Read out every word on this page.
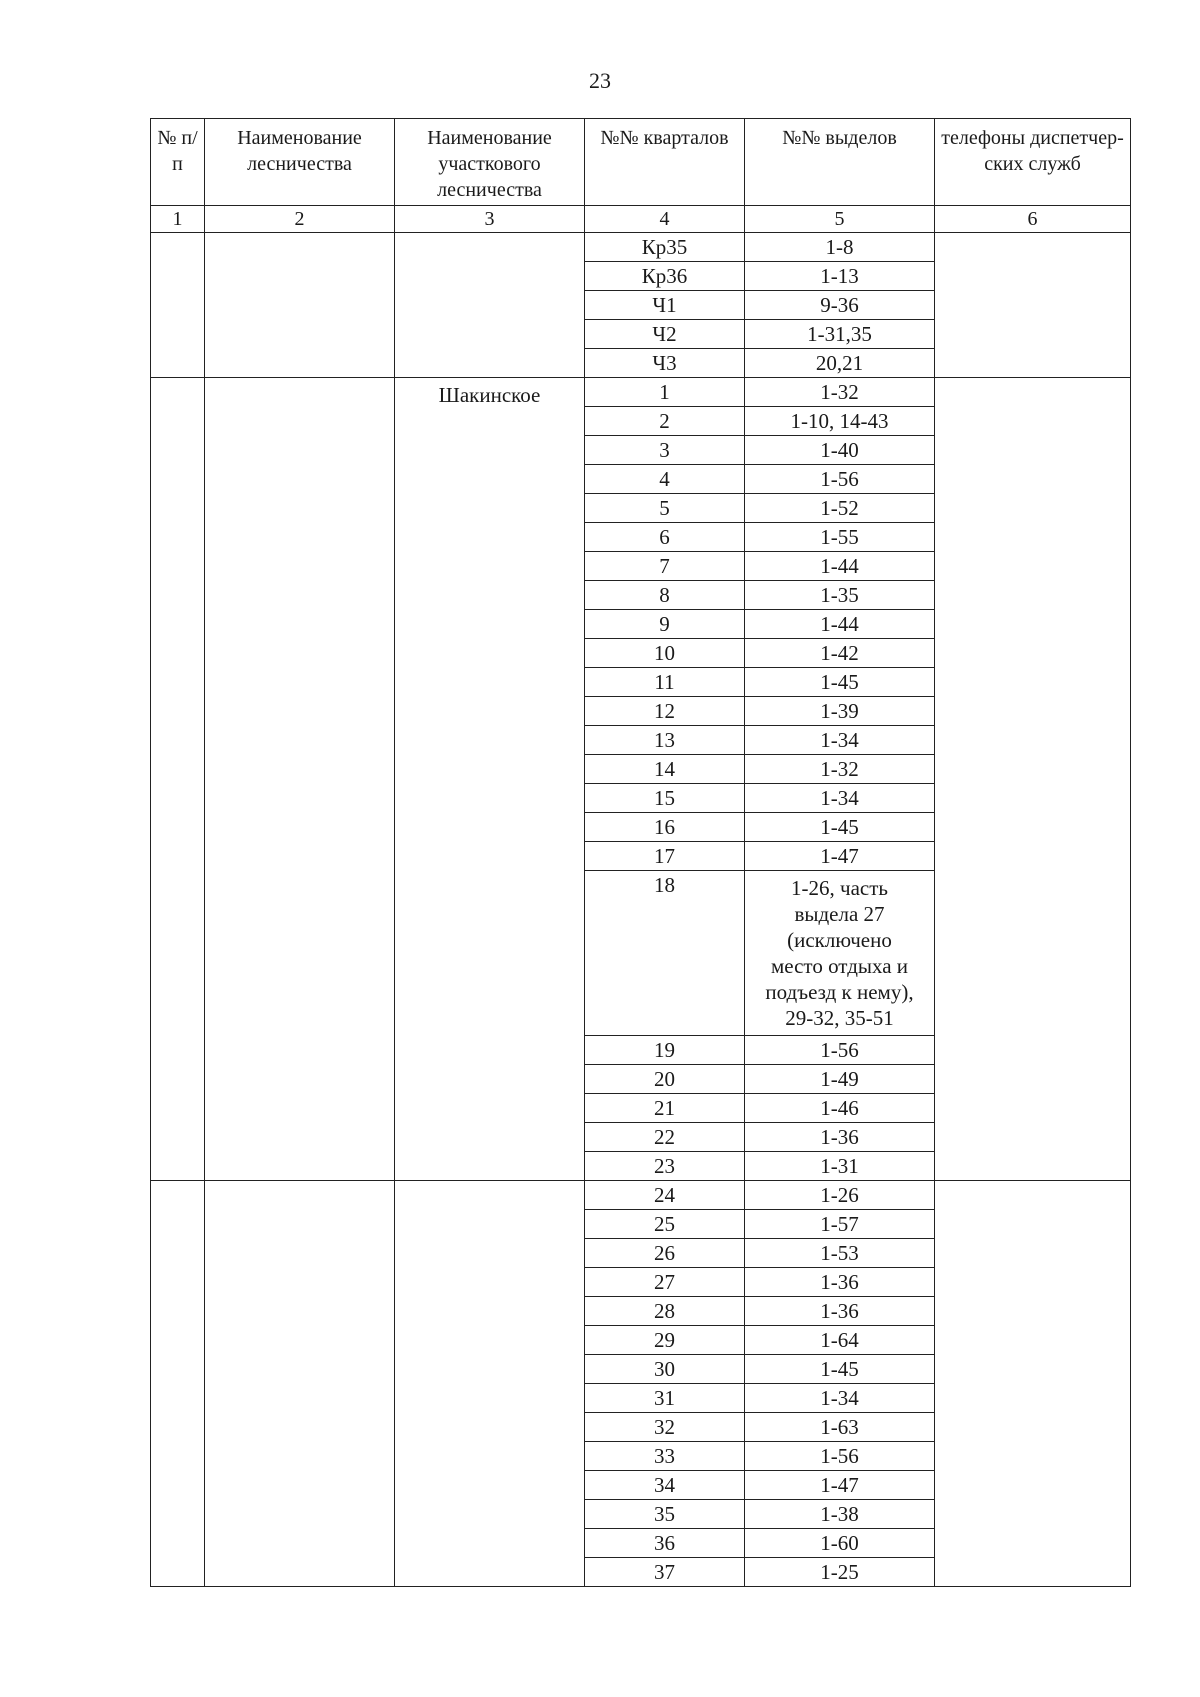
23
№ п/п	Наименование лесничества	Наименование участкового лесничества	№№ кварталов	№№ выделов	телефоны диспетчер-ских служб
1	2	3	4	5	6
			Кр35	1-8	
			Кр36	1-13	
			Ч1	9-36	
			Ч2	1-31,35	
			Ч3	20,21	
		Шакинское	1	1-32	
			2	1-10, 14-43	
			3	1-40	
			4	1-56	
			5	1-52	
			6	1-55	
			7	1-44	
			8	1-35	
			9	1-44	
			10	1-42	
			11	1-45	
			12	1-39	
			13	1-34	
			14	1-32	
			15	1-34	
			16	1-45	
			17	1-47	
			18	1-26, часть выдела 27 (исключено место отдыха и подъезд к нему), 29-32, 35-51	
			19	1-56	
			20	1-49	
			21	1-46	
			22	1-36	
			23	1-31	
			24	1-26	
			25	1-57	
			26	1-53	
			27	1-36	
			28	1-36	
			29	1-64	
			30	1-45	
			31	1-34	
			32	1-63	
			33	1-56	
			34	1-47	
			35	1-38	
			36	1-60	
			37	1-25	
